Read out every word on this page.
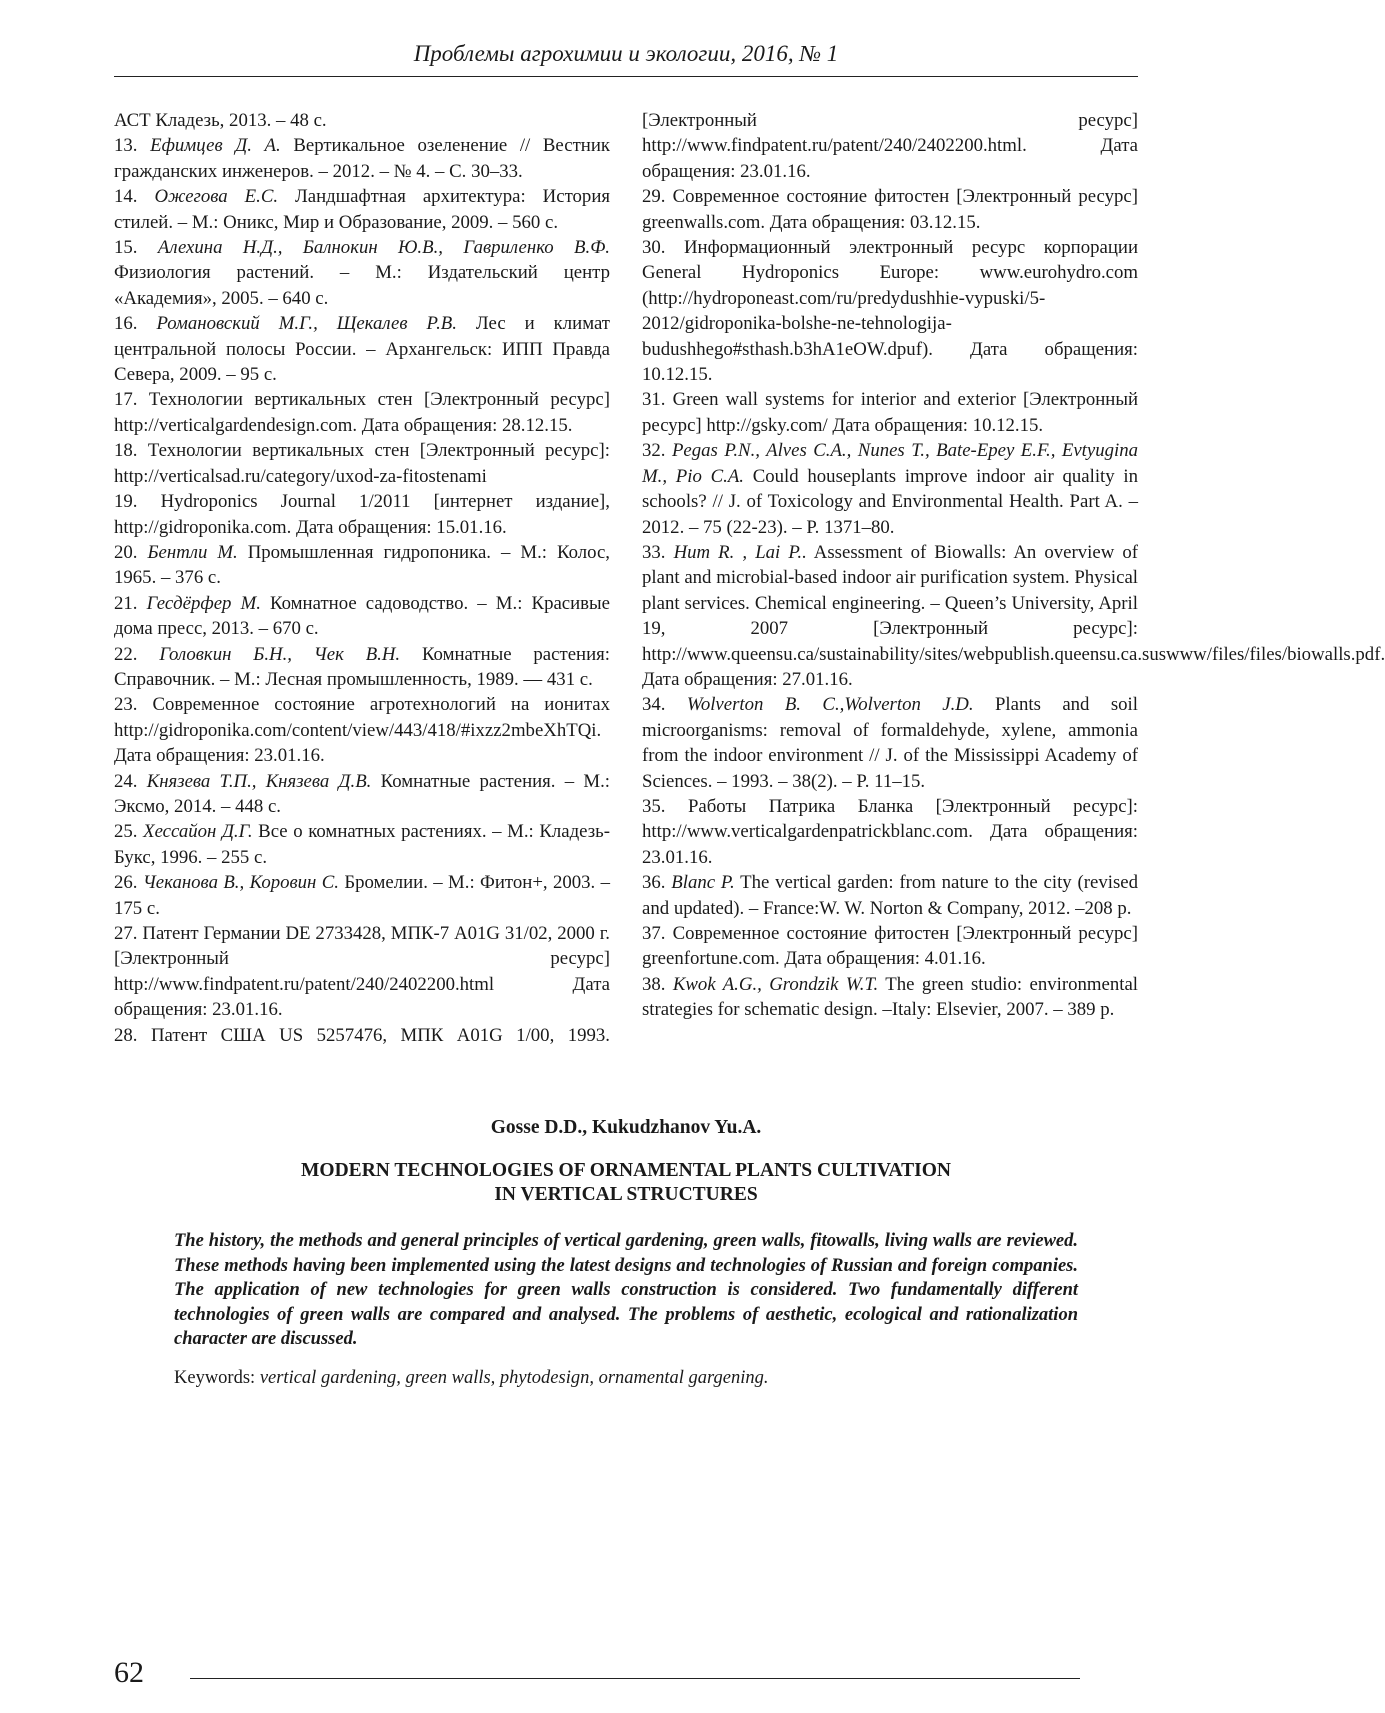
Проблемы агрохимии и экологии, 2016, № 1

АСТ Кладезь, 2013. – 48 с.

13. Ефимцев Д. А. Вертикальное озеленение // Вестник гражданских инженеров. – 2012. – № 4. – С. 30–33.

14. Ожегова Е.С. Ландшафтная архитектура: История стилей. – М.: Оникс, Мир и Образование, 2009. – 560 с.

15. Алехина Н.Д., Балнокин Ю.В., Гавриленко В.Ф. Физиология растений. – М.: Издательский центр «Академия», 2005. – 640 с.

16. Романовский М.Г., Щекалев Р.В. Лес и климат центральной полосы России. – Архангельск: ИПП Правда Севера, 2009. – 95 с.

17. Технологии вертикальных стен [Электронный ресурс] http://verticalgardendesign.com. Дата обращения: 28.12.15.

18. Технологии вертикальных стен [Электронный ресурс]: http://verticalsad.ru/category/uxod-za-fitostenami

19. Hydroponics Journal 1/2011 [интернет издание], http://gidroponika.com. Дата обращения: 15.01.16.

20. Бентли М. Промышленная гидропоника. – М.: Колос, 1965. – 376 с.

21. Гесдёрфер М. Комнатное садоводство. – М.: Красивые дома пресс, 2013. – 670 с.

22. Головкин Б.Н., Чек В.Н. Комнатные растения: Справочник. – М.: Лесная промышленность, 1989. — 431 с.

23. Современное состояние агротехнологий на ионитах http://gidroponika.com/content/view/443/418/#ixzz2mbeXhTQi. Дата обращения: 23.01.16.

24. Князева Т.П., Князева Д.В. Комнатные растения. – М.: Эксмо, 2014. – 448 с.

25. Хессайон Д.Г. Все о комнатных растениях. – М.: Кладезь-Букс, 1996. – 255 с.

26. Чеканова В., Коровин С. Бромелии. – М.: Фитон+, 2003. –175 с.

27. Патент Германии DE 2733428, МПК-7 A01G 31/02, 2000 г. [Электронный ресурс] http://www.findpatent.ru/patent/240/2402200.html Дата обращения: 23.01.16.

28. Патент США US 5257476, МПК A01G 1/00, 1993.

[Электронный ресурс] http://www.findpatent.ru/patent/240/2402200.html. Дата обращения: 23.01.16.

29. Современное состояние фитостен [Электронный ресурс] greenwalls.com. Дата обращения: 03.12.15.

30. Информационный электронный ресурс корпорации General Hydroponics Europe: www.eurohydro.com (http://hydroponeast.com/ru/predydushhie-vypuski/5-2012/gidroponika-bolshe-ne-tehnologija-budushhego#sthash.b3hA1eOW.dpuf). Дата обращения: 10.12.15.

31. Green wall systems for interior and exterior [Электронный ресурс] http://gsky.com/ Дата обращения: 10.12.15.

32. Pegas P.N., Alves C.A., Nunes T., Bate-Epey E.F., Evtyugina M., Pio C.A. Could houseplants improve indoor air quality in schools? // J. of Toxicology and Environmental Health. Part A. – 2012. – 75 (22-23). – P. 1371–80.

33. Hum R. , Lai P.. Assessment of Biowalls: An overview of plant and microbial-based indoor air purification system. Physical plant services. Chemical engineering. – Queen’s University, April 19, 2007 [Электронный ресурс]: http://www.queensu.ca/sustainability/sites/webpublish.queensu.ca.suswww/files/files/biowalls.pdf. Дата обращения: 27.01.16.

34. Wolverton B. C.,Wolverton J.D. Plants and soil microorganisms: removal of formaldehyde, xylene, ammonia from the indoor environment // J. of the Mississippi Academy of Sciences. – 1993. – 38(2). – P. 11–15.

35. Работы Патрика Бланка [Электронный ресурс]: http://www.verticalgardenpatrickblanc.com. Дата обращения: 23.01.16.

36. Blanc P. The vertical garden: from nature to the city (revised and updated). – France:W. W. Norton & Company, 2012. –208 p.

37. Современное состояние фитостен [Электронный ресурс] greenfortune.com. Дата обращения: 4.01.16.

38. Kwok A.G., Grondzik W.T. The green studio: environmental strategies for schematic design. –Italy: Elsevier, 2007. – 389 p.

Gosse D.D., Kukudzhanov Yu.A.

MODERN TECHNOLOGIES OF ORNAMENTAL PLANTS CULTIVATION
IN VERTICAL STRUCTURES

The history, the methods and general principles of vertical gardening, green walls, fitowalls, living walls are reviewed. These methods having been implemented using the latest designs and technologies of Russian and foreign companies. The application of new technologies for green walls construction is considered. Two fundamentally different technologies of green walls are compared and analysed. The problems of aesthetic, ecological and rationalization character are discussed.

Keywords: vertical gardening, green walls, phytodesign, ornamental gargening.

62
